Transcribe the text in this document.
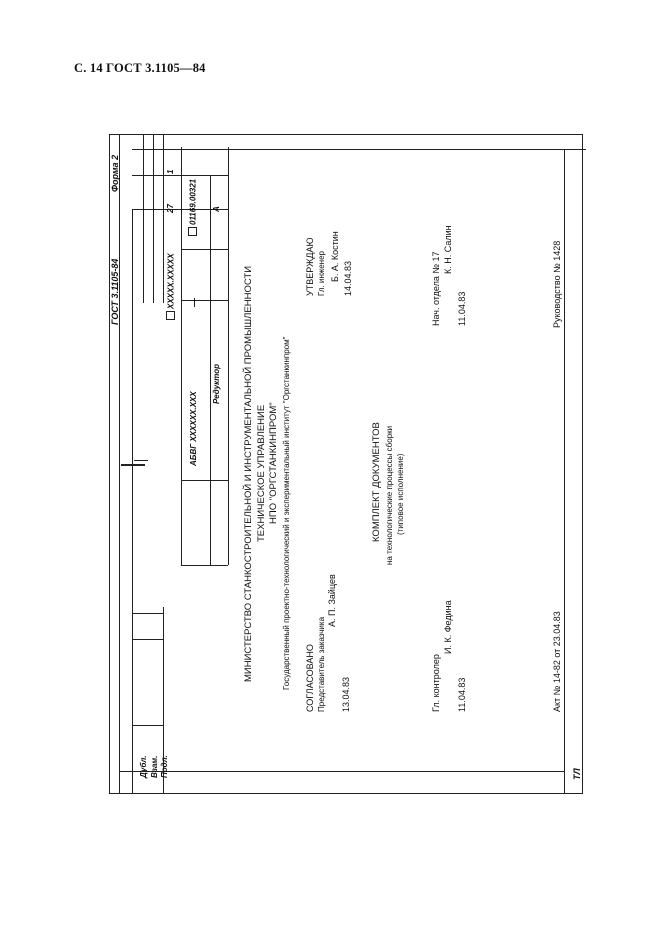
С. 14 ГОСТ 3.1105—84
Форма 2
ГОСТ 3.1105-84
1
27
XXXXX.XXXXX
01169.00321 A
—
АБВГ XXXXXX.XXX
Редуктор
Дубл. Взам. Подл.
МИНИСТЕРСТВО СТАНКОСТРОИТЕЛЬНОЙ И ИНСТРУМЕНТАЛЬНОЙ ПРОМЫШЛЕННОСТИ ТЕХНИЧЕСКОЕ УПРАВЛЕНИЕ НПО "ОРГСТАНКИНПРОМ" Государственный проектно-технологический и экспериментальный институт "Оргстанкинпром" СОГЛАСОВАНО Представитель заказчика
А. П. Зайцев
13.04.83
УТВЕРЖДАЮ Гл. инженер Б. А. Костин 14.04.83
КОМПЛЕКТ ДОКУМЕНТОВ на технологические процессы сборки (типовое исполнение)
Гл. контролер
И. К. Федина
11.04.83
Нач. отдела № 17
К. Н. Салин
11.04.83
Акт № 14-82 от 23.04.83
Руководство № 1428
ТЛ
